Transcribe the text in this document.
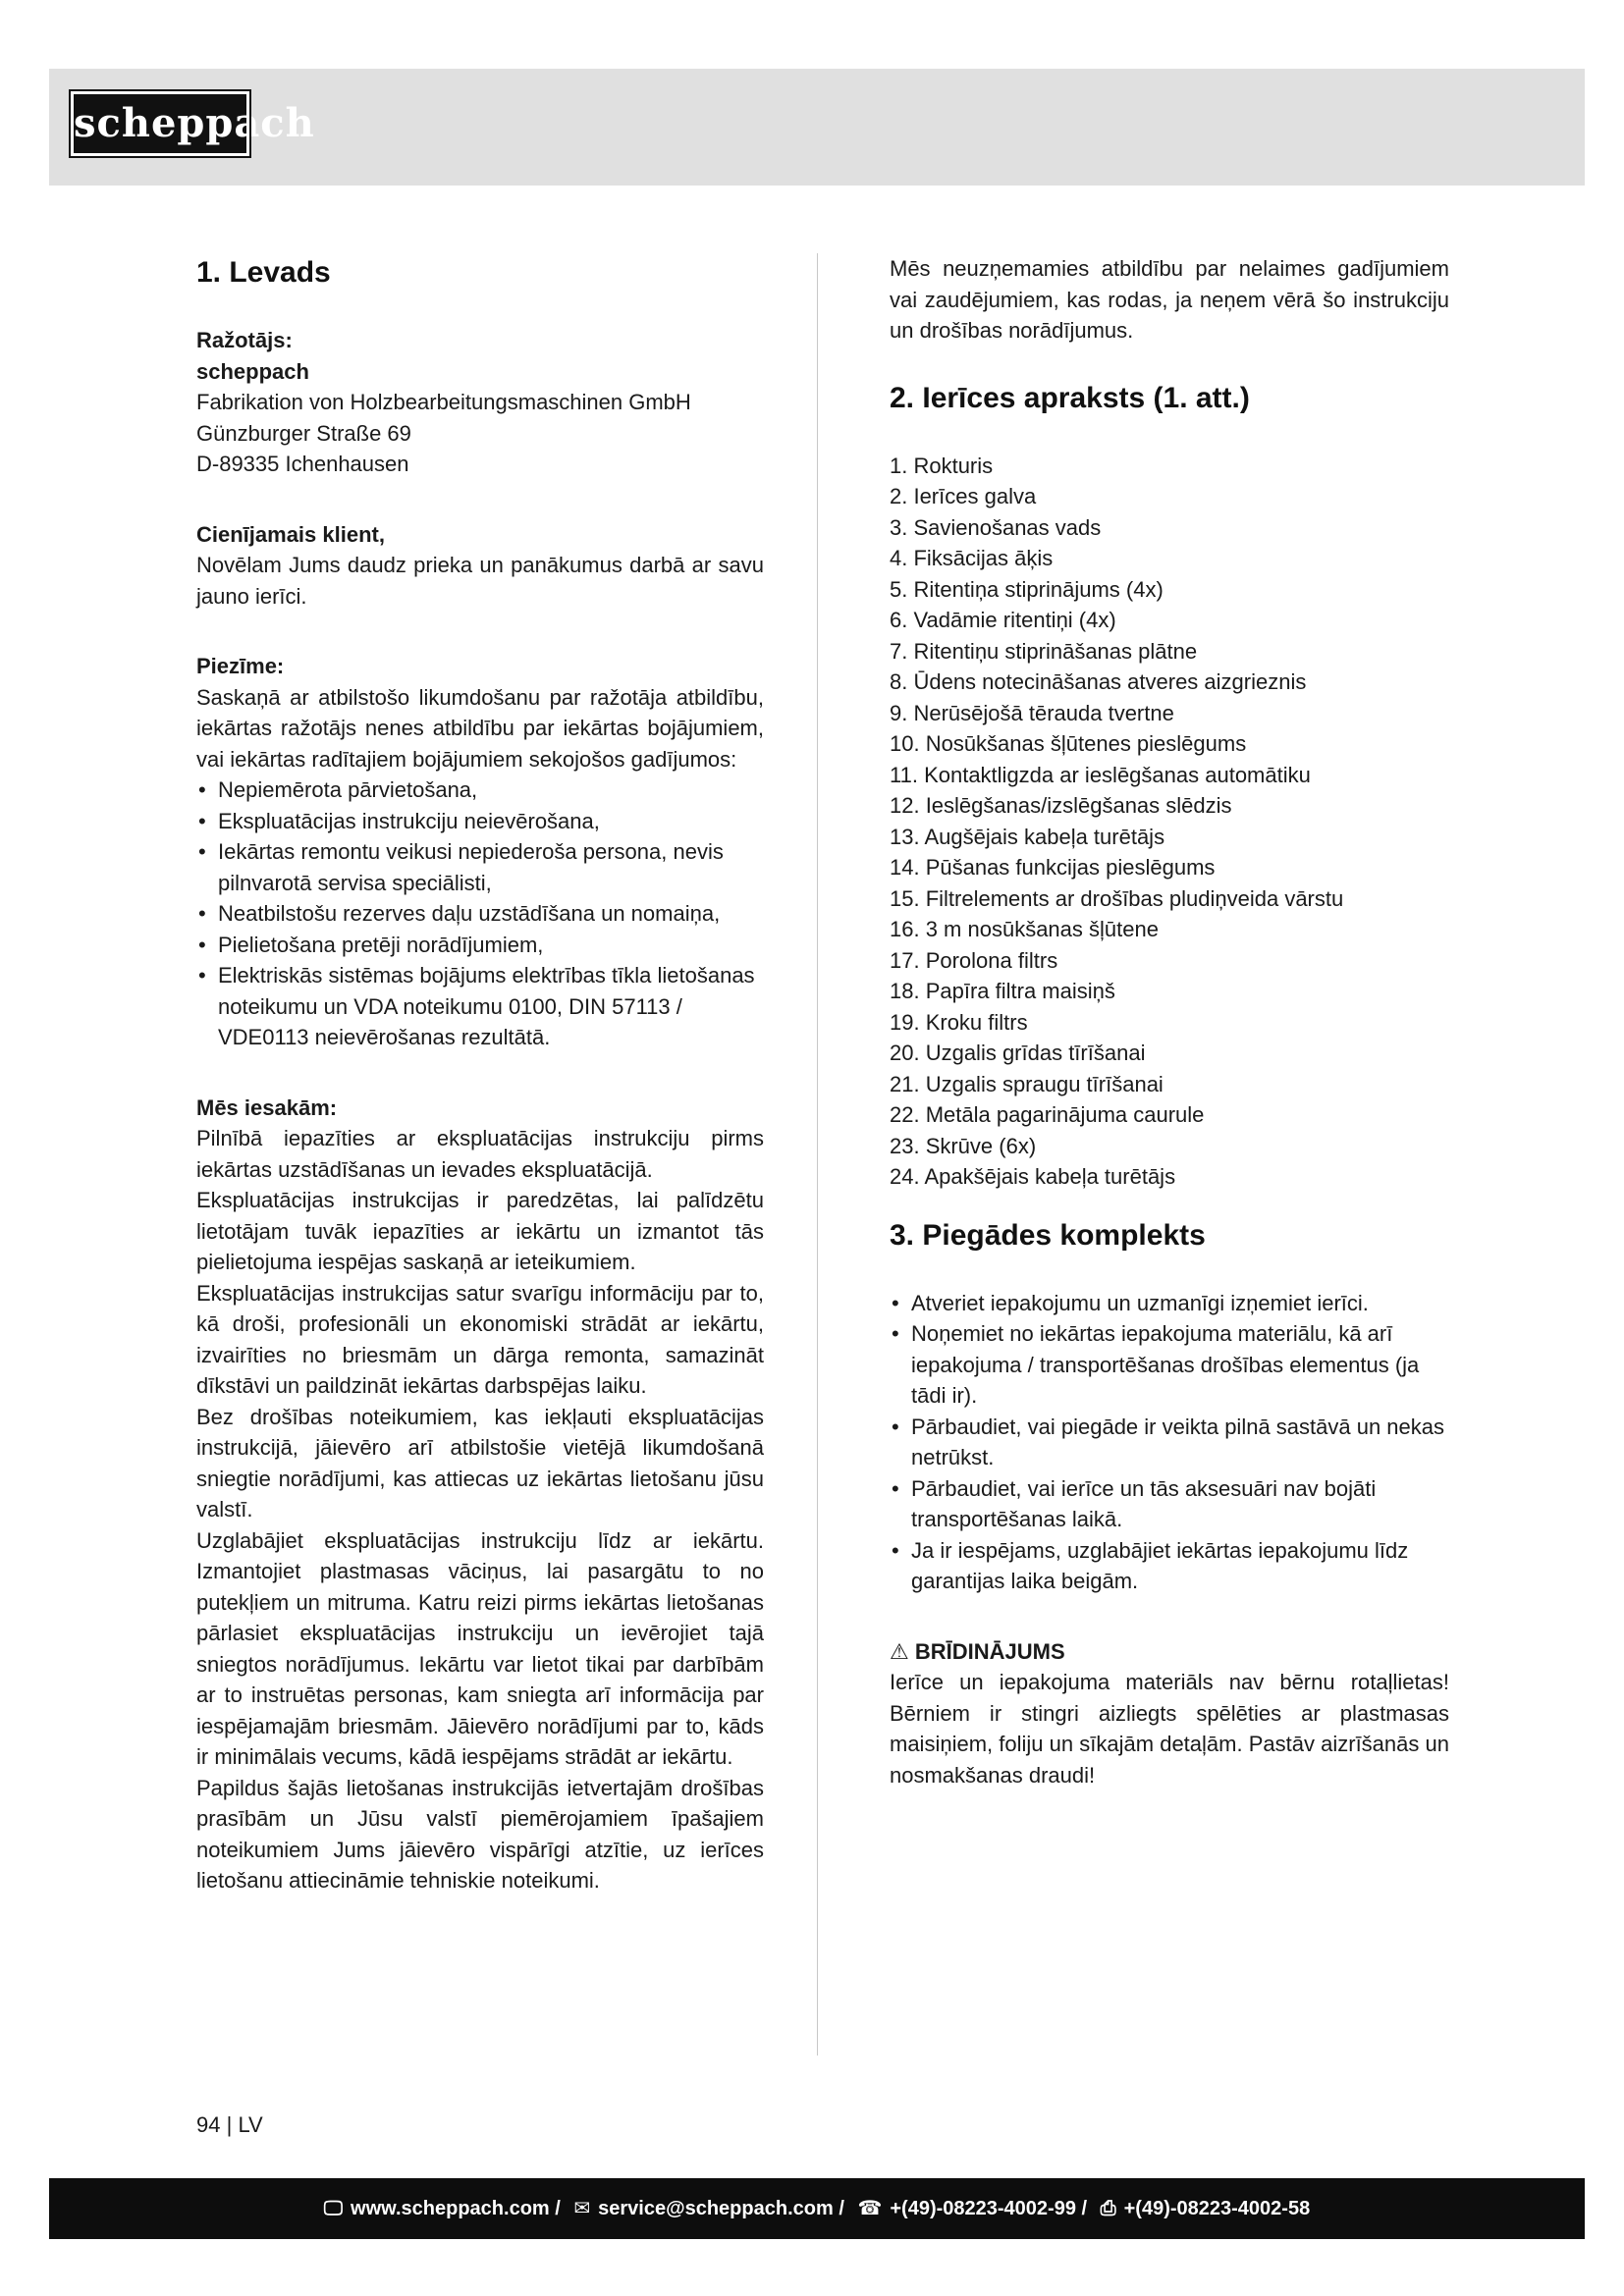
scheppach
1. Levads
Ražotājs:
scheppach

Fabrikation von Holzbearbeitungsmaschinen GmbH

Günzburger Straße 69

D-89335 Ichenhausen

Cienījamais klient,

Novēlam Jums daudz prieka un panākumus darbā ar savu jauno ierīci.

Piezīme:

Saskaņā ar atbilstošo likumdošanu par ražotāja atbildību, iekārtas ražotājs nenes atbildību par iekārtas bojājumiem, vai iekārtas radītajiem bojājumiem sekojošos gadījumos:

• Nepiemērota pārvietošana,
• Ekspluatācijas instrukciju neievērošana,
• Iekārtas remontu veikusi nepiederoša persona, nevis pilnvarotā servisa speciālisti,
• Neatbilstošu rezerves daļu uzstādīšana un nomaiņa,
• Pielietošana pretēji norādījumiem,
• Elektriskās sistēmas bojājums elektrības tīkla lietošanas noteikumu un VDA noteikumu 0100, DIN 57113 / VDE0113 neievērošanas rezultātā.
Mēs iesakām:

Pilnībā iepazīties ar ekspluatācijas instrukciju pirms iekārtas uzstādīšanas un ievades ekspluatācijā.

Ekspluatācijas instrukcijas ir paredzētas, lai palīdzētu lietotājam tuvāk iepazīties ar iekārtu un izmantot tās pielietojuma iespējas saskaņā ar ieteikumiem.

Ekspluatācijas instrukcijas satur svarīgu informāciju par to, kā droši, profesionāli un ekonomiski strādāt ar iekārtu, izvairīties no briesmām un dārga remonta, samazināt dīkstāvi un paildzināt iekārtas darbspējas laiku.

Bez drošības noteikumiem, kas iekļauti ekspluatācijas instrukcijā, jāievēro arī atbilstošie vietējā likumdošanā sniegtie norādījumi, kas attiecas uz iekārtas lietošanu jūsu valstī.

Uzglabājiet ekspluatācijas instrukciju līdz ar iekārtu. Izmantojiet plastmasas vāciņus, lai pasargātu to no putekļiem un mitruma. Katru reizi pirms iekārtas lietošanas pārlasiet ekspluatācijas instrukciju un ievērojiet tajā sniegtos norādījumus. Iekārtu var lietot tikai par darbībām ar to instruētas personas, kam sniegta arī informācija par iespējamajām briesmām. Jāievēro norādījumi par to, kāds ir minimālais vecums, kādā iespējams strādāt ar iekārtu.

Papildus šajās lietošanas instrukcijās ietvertajām drošības prasībām un Jūsu valstī piemērojamiem īpašajiem noteikumiem Jums jāievēro vispārīgi atzītie, uz ierīces lietošanu attiecināmie tehniskie noteikumi.

Mēs neuzņemamies atbildību par nelaimes gadījumiem vai zaudējumiem, kas rodas, ja neņem vērā šo instrukciju un drošības norādījumus.

2. Ierīces apraksts (1. att.)
1. Rokturis
2. Ierīces galva
3. Savienošanas vads
4. Fiksācijas āķis
5. Ritentiņa stiprinājums (4x)
6. Vadāmie ritentiņi (4x)
7. Ritentiņu stiprināšanas plātne
8. Ūdens notecināšanas atveres aizgrieznis
9. Nerūsējošā tērauda tvertne
10. Nosūkšanas šļūtenes pieslēgums
11. Kontaktligzda ar ieslēgšanas automātiku
12. Ieslēgšanas/izslēgšanas slēdzis
13. Augšējais kabeļa turētājs
14. Pūšanas funkcijas pieslēgums
15. Filtrelements ar drošības pludiņveida vārstu
16. 3 m nosūkšanas šļūtene
17. Porolona filtrs
18. Papīra filtra maisiņš
19. Kroku filtrs
20. Uzgalis grīdas tīrīšanai
21. Uzgalis spraugu tīrīšanai
22. Metāla pagarinājuma caurule
23. Skrūve (6x)
24. Apakšējais kabeļa turētājs
3. Piegādes komplekts
• Atveriet iepakojumu un uzmanīgi izņemiet ierīci.
• Noņemiet no iekārtas iepakojuma materiālu, kā arī iepakojuma / transportēšanas drošības elementus (ja tādi ir).
• Pārbaudiet, vai piegāde ir veikta pilnā sastāvā un nekas netrūkst.
• Pārbaudiet, vai ierīce un tās aksesuāri nav bojāti transportēšanas laikā.
• Ja ir iespējams, uzglabājiet iekārtas iepakojumu līdz garantijas laika beigām.
⚠ BRĪDINĀJUMS

Ierīce un iepakojuma materiāls nav bērnu rotaļlietas! Bērniem ir stingri aizliegts spēlēties ar plastmasas maisiņiem, foliju un sīkajām detaļām. Pastāv aizrīšanās un nosmakšanas draudi!

94 | LV
🖵︎ www.scheppach.com / ✉︎ service@scheppach.com / ☎︎ +(49)-08223-4002-99 / ⎙ +(49)-08223-4002-58
